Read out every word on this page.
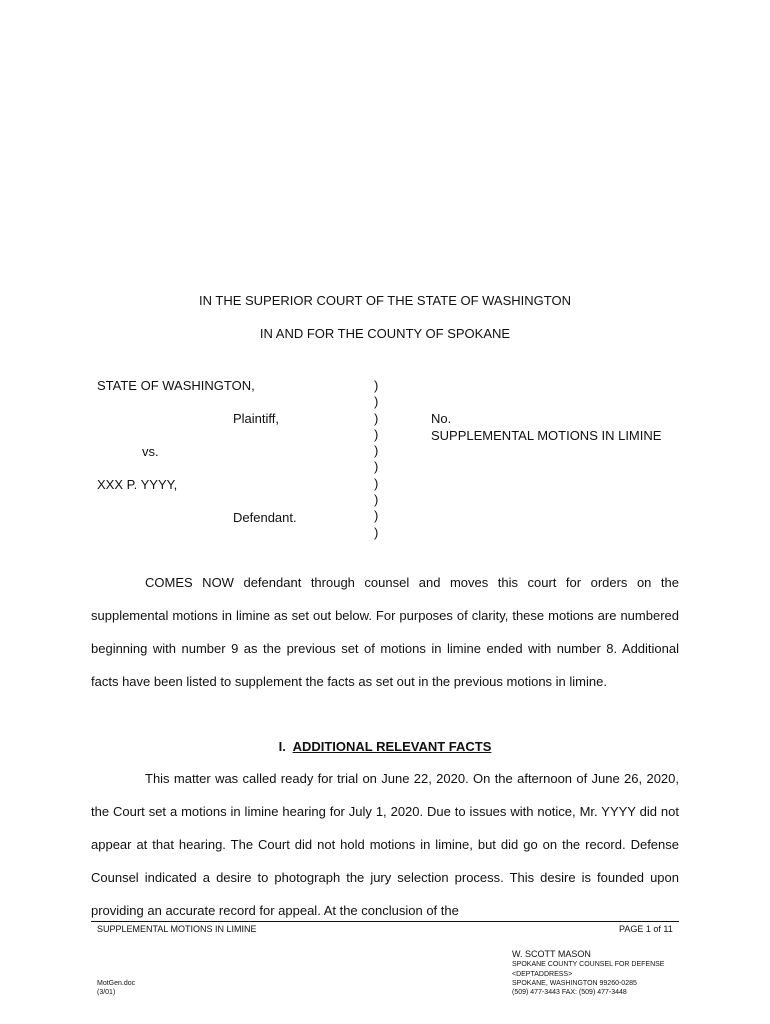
IN THE SUPERIOR COURT OF THE STATE OF WASHINGTON
IN AND FOR THE COUNTY OF SPOKANE
STATE OF WASHINGTON,
Plaintiff,
vs.
XXX P. YYYY,
Defendant.
)
)
)
)
)
)
)
)
)
)
No.
SUPPLEMENTAL MOTIONS IN LIMINE
COMES NOW defendant through counsel and moves this court for orders on the supplemental motions in limine as set out below. For purposes of clarity, these motions are numbered beginning with number 9 as the previous set of motions in limine ended with number 8. Additional facts have been listed to supplement the facts as set out in the previous motions in limine.
I. ADDITIONAL RELEVANT FACTS
This matter was called ready for trial on June 22, 2020. On the afternoon of June 26, 2020, the Court set a motions in limine hearing for July 1, 2020. Due to issues with notice, Mr. YYYY did not appear at that hearing. The Court did not hold motions in limine, but did go on the record. Defense Counsel indicated a desire to photograph the jury selection process. This desire is founded upon providing an accurate record for appeal. At the conclusion of the
SUPPLEMENTAL MOTIONS IN LIMINE	PAGE 1 of 11
W. SCOTT MASON
SPOKANE COUNTY COUNSEL FOR DEFENSE
<DEPTADDRESS>
SPOKANE, WASHINGTON 99260-0285
(509) 477-3443 FAX: (509) 477-3448
MotGen.doc
(3/01)
